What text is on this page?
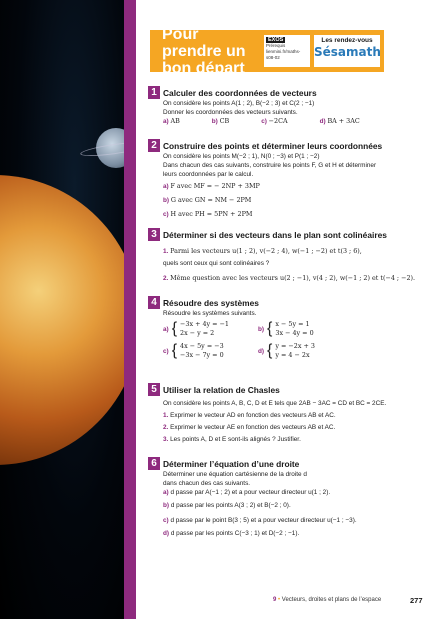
Pour prendre un bon départ
EXOS
Prérequis
lienmini.fr/maths-s08-02
Les rendez-vous
Sésamath
1 Calculer des coordonnées de vecteurs
On considère les points A(1 ; 2), B(−2 ; 3) et C(2 ; −1)
Donner les coordonnées des vecteurs suivants.
a) AB	b) CB	c) −2CA	d) BA + 3AC
2 Construire des points et déterminer leurs coordonnées
On considère les points M(−2 ; 1), N(0 ; −3) et P(1 ; −2)
Dans chacun des cas suivants, construire les points F, G et H et déterminer
leurs coordonnées par le calcul.
a) F avec MF = − 2NP + 3MP
b) G avec GN = NM − 2PM
c) H avec PH = 5PN + 2PM
3 Déterminer si des vecteurs dans le plan sont colinéaires
1. Parmi les vecteurs u(1 ; 2), v(−2 ; 4), w(−1 ; −2) et t(3 ; 6),
quels sont ceux qui sont colinéaires ?
2. Même question avec les vecteurs u(2 ; −1), v(4 ; 2), w(−1 ; 2) et t(−4 ; −2).
4 Résoudre des systèmes
Résoudre les systèmes suivants.
a) { −3x + 4y = −1
2x − y = 2	b) { x − 5y = 1
3x − 4y = 0
c) { 4x − 5y = −3
−3x − 7y = 0	d) { y = −2x + 3
y = 4 − 2x
5 Utiliser la relation de Chasles
On considère les points A, B, C, D et E tels que 2AB − 3AC = CD et BC = 2CE.
1. Exprimer le vecteur AD en fonction des vecteurs AB et AC.
2. Exprimer le vecteur AE en fonction des vecteurs AB et AC.
3. Les points A, D et E sont-ils alignés ? Justifier.
6 Déterminer l’équation d’une droite
Déterminer une équation cartésienne de la droite d
dans chacun des cas suivants.
a) d passe par A(−1 ; 2) et a pour vecteur directeur u(1 ; 2).
b) d passe par les points A(3 ; 2) et B(−2 ; 0).
c) d passe par le point B(3 ; 5) et a pour vecteur directeur u(−1 ; −3).
d) d passe par les points C(−3 ; 1) et D(−2 ; −1).
9 • Vecteurs, droites et plans de l’espace	277
